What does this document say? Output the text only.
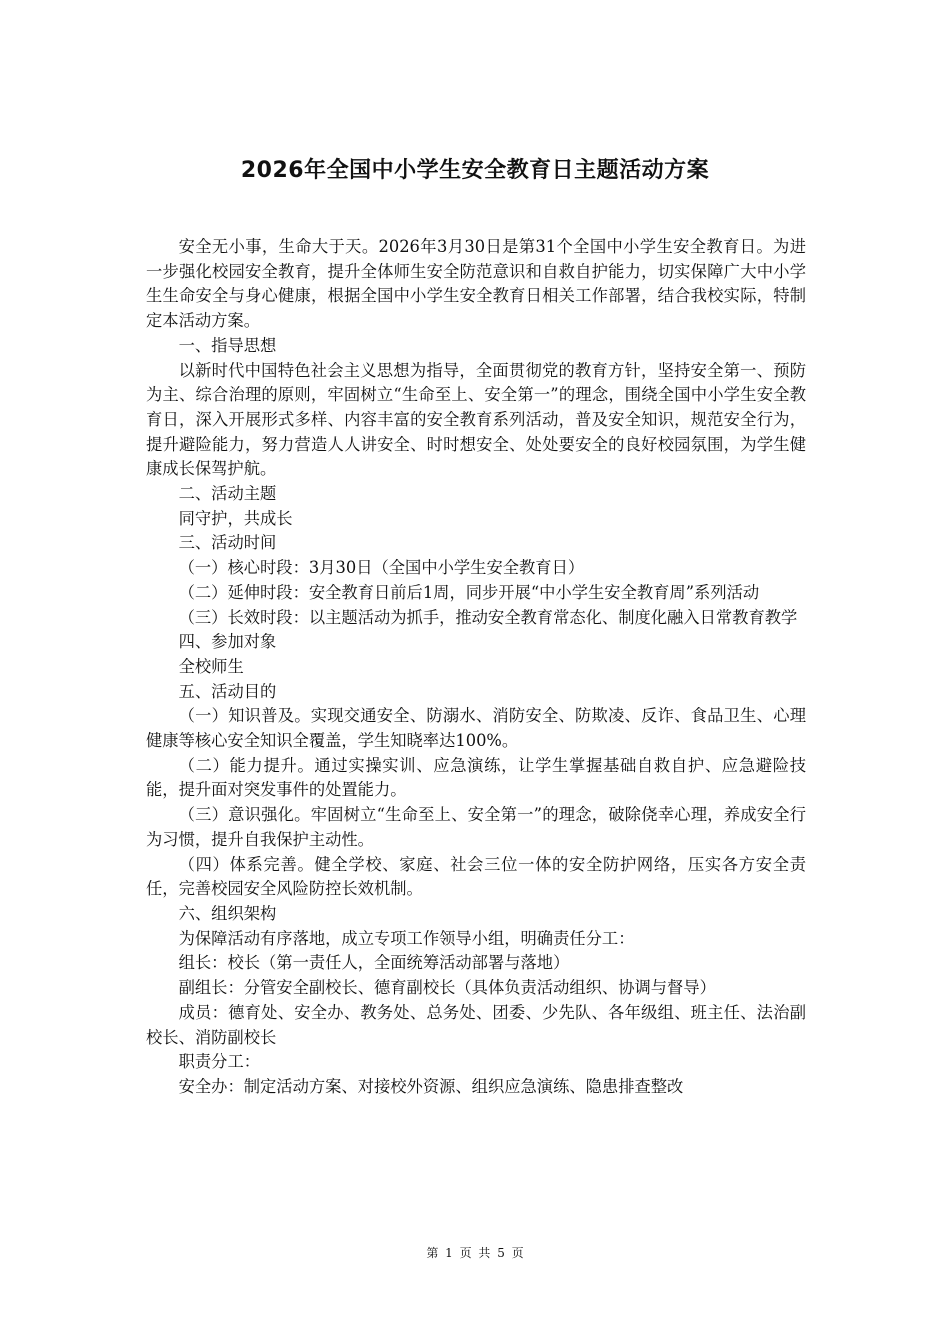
2026年全国中小学生安全教育日主题活动方案

安全无小事，生命大于天。2026年3月30日是第31个全国中小学生安全教育日。为进一步强化校园安全教育，提升全体师生安全防范意识和自救自护能力，切实保障广大中小学生生命安全与身心健康，根据全国中小学生安全教育日相关工作部署，结合我校实际，特制定本活动方案。

一、指导思想

以新时代中国特色社会主义思想为指导，全面贯彻党的教育方针，坚持安全第一、预防为主、综合治理的原则，牢固树立“生命至上、安全第一”的理念，围绕全国中小学生安全教育日，深入开展形式多样、内容丰富的安全教育系列活动，普及安全知识，规范安全行为，提升避险能力，努力营造人人讲安全、时时想安全、处处要安全的良好校园氛围，为学生健康成长保驾护航。

二、活动主题

同守护，共成长

三、活动时间

（一）核心时段：3月30日（全国中小学生安全教育日）

（二）延伸时段：安全教育日前后1周，同步开展“中小学生安全教育周”系列活动

（三）长效时段：以主题活动为抓手，推动安全教育常态化、制度化融入日常教育教学

四、参加对象

全校师生

五、活动目的

（一）知识普及。实现交通安全、防溺水、消防安全、防欺凌、反诈、食品卫生、心理健康等核心安全知识全覆盖，学生知晓率达100%。

（二）能力提升。通过实操实训、应急演练，让学生掌握基础自救自护、应急避险技能，提升面对突发事件的处置能力。

（三）意识强化。牢固树立“生命至上、安全第一”的理念，破除侥幸心理，养成安全行为习惯，提升自我保护主动性。

（四）体系完善。健全学校、家庭、社会三位一体的安全防护网络，压实各方安全责任，完善校园安全风险防控长效机制。

六、组织架构

为保障活动有序落地，成立专项工作领导小组，明确责任分工：

组长：校长（第一责任人，全面统筹活动部署与落地）

副组长：分管安全副校长、德育副校长（具体负责活动组织、协调与督导）

成员：德育处、安全办、教务处、总务处、团委、少先队、各年级组、班主任、法治副校长、消防副校长

职责分工：

安全办：制定活动方案、对接校外资源、组织应急演练、隐患排查整改

第 1 页 共 5 页
